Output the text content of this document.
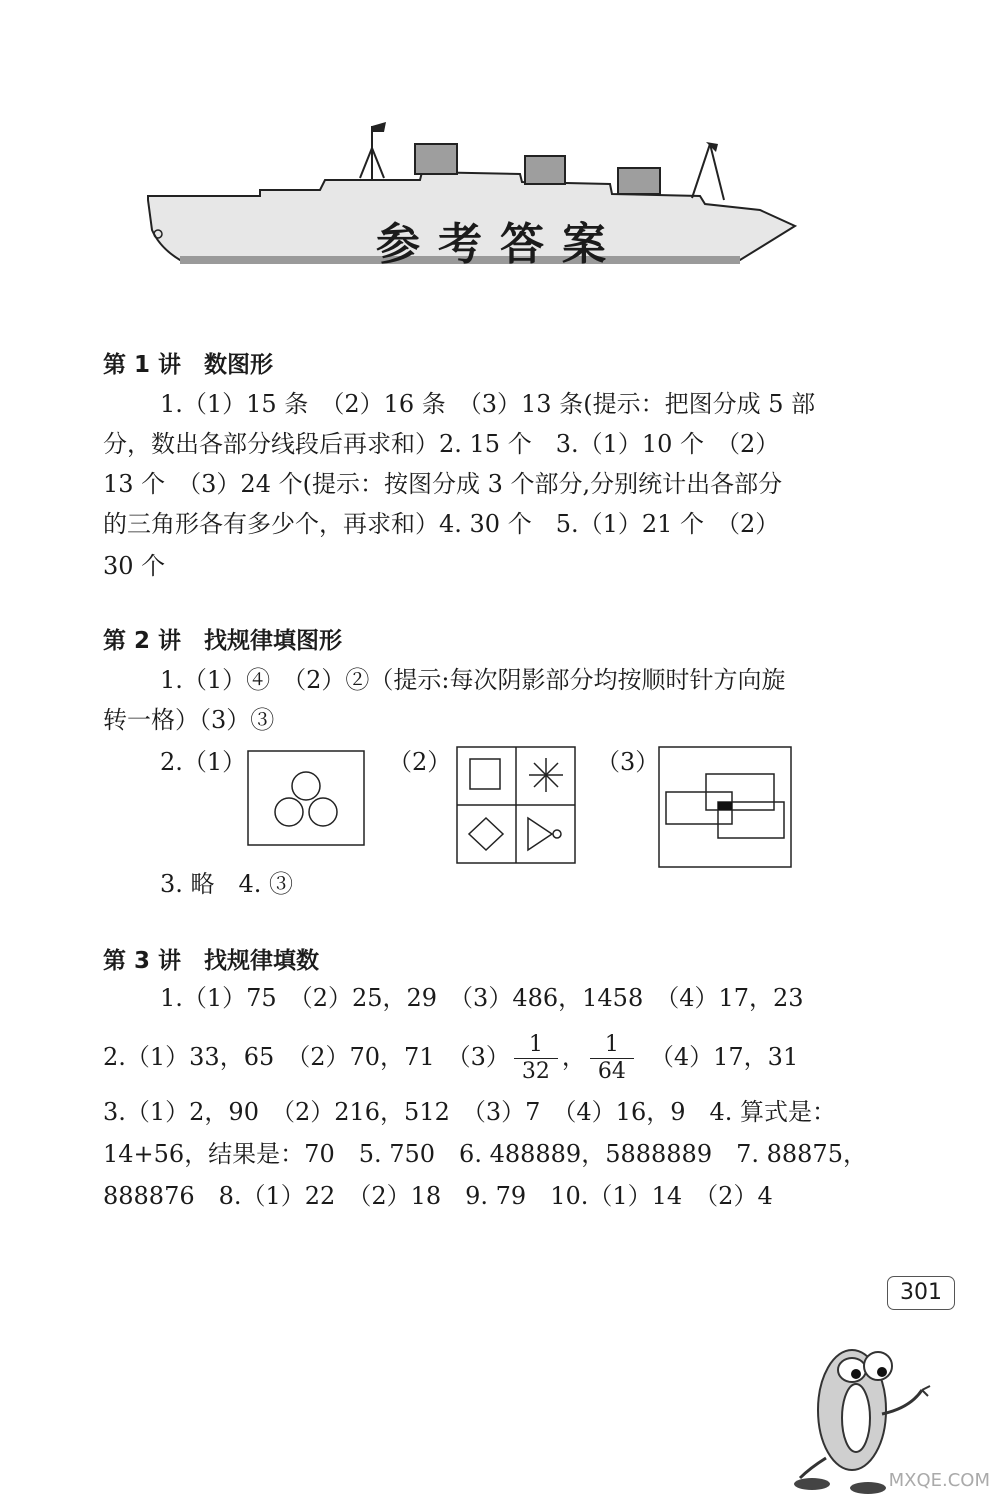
参考答案
第 1 讲　数图形
1.（1）15 条　（2）16 条　（3）13 条(提示：把图分成 5 部
分，数出各部分线段后再求和）2. 15 个　3.（1）10 个　（2）
13 个　（3）24 个(提示：按图分成 3 个部分,分别统计出各部分
的三角形各有多少个，再求和）4. 30 个　5.（1）21 个　（2）
30 个
第 2 讲　找规律填图形
1.（1）④　（2）②（提示:每次阴影部分均按顺时针方向旋
转一格）（3）③
2.（1）	（2）	（3）
3. 略　4. ③
第 3 讲　找规律填数
1.（1）75　（2）25，29　（3）486，1458　（4）17，23
2.（1）33，65　（2）70，71　$(3) \frac{1}{32}$ ， $\frac{1}{64}$
　 （4）17，31
3.（1）2，90　（2）216，512　（3）7　（4）16，9　4. 算式是：
14+56，结果是：70　5. 750　6. 488889，5888889　7. 88875，
888876　8.（1）22　（2）18　9. 79　10.（1）14　（2）4
301
MXQE.COM
